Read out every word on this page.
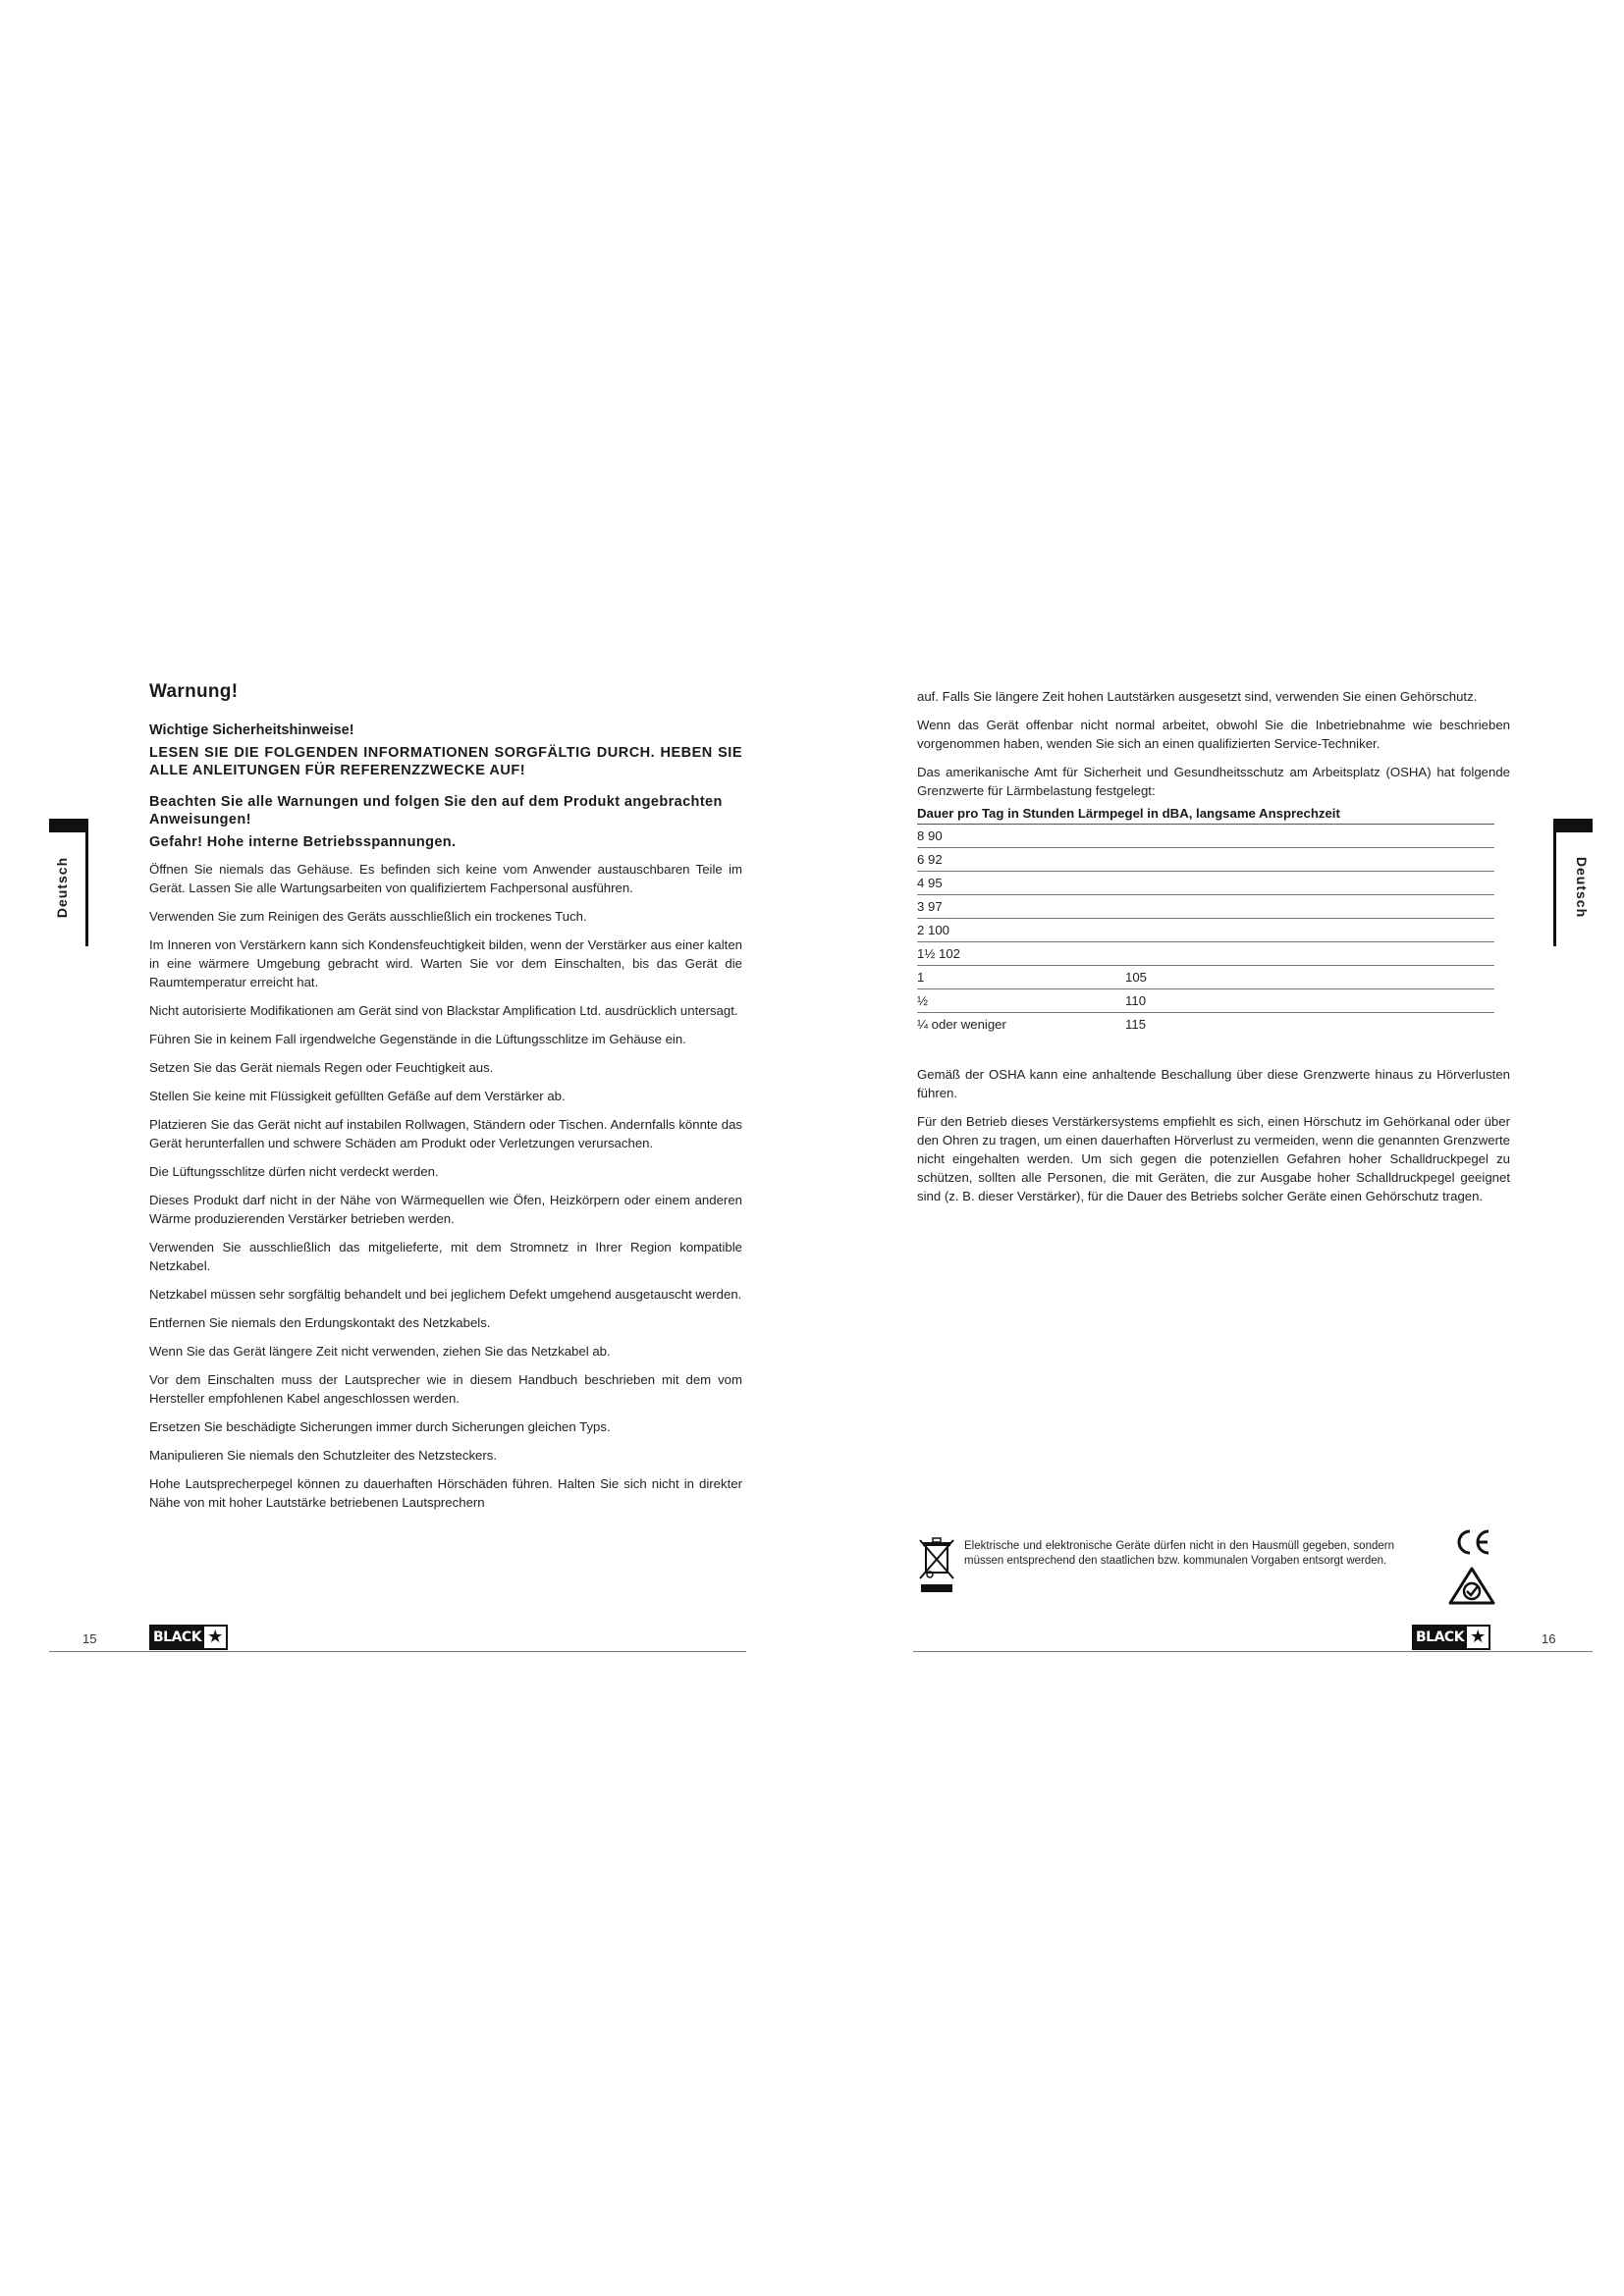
Deutsch	Deutsch
Warnung!
Wichtige Sicherheitshinweise!
LESEN SIE DIE FOLGENDEN INFORMATIONEN SORGFÄLTIG DURCH. HEBEN SIE ALLE ANLEITUNGEN FÜR REFERENZZWECKE AUF!
Beachten Sie alle Warnungen und folgen Sie den auf dem Produkt angebrachten Anweisungen!
Gefahr! Hohe interne Betriebsspannungen.

Öffnen Sie niemals das Gehäuse. Es befinden sich keine vom Anwender austauschbaren Teile im Gerät. Lassen Sie alle Wartungsarbeiten von qualifiziertem Fachpersonal ausführen.

Verwenden Sie zum Reinigen des Geräts ausschließlich ein trockenes Tuch.

Im Inneren von Verstärkern kann sich Kondensfeuchtigkeit bilden, wenn der Verstärker aus einer kalten in eine wärmere Umgebung gebracht wird. Warten Sie vor dem Einschalten, bis das Gerät die Raumtemperatur erreicht hat.

Nicht autorisierte Modifikationen am Gerät sind von Blackstar Amplification Ltd. ausdrücklich untersagt.

Führen Sie in keinem Fall irgendwelche Gegenstände in die Lüftungsschlitze im Gehäuse ein.

Setzen Sie das Gerät niemals Regen oder Feuchtigkeit aus.

Stellen Sie keine mit Flüssigkeit gefüllten Gefäße auf dem Verstärker ab.

Platzieren Sie das Gerät nicht auf instabilen Rollwagen, Ständern oder Tischen. Andernfalls könnte das Gerät herunterfallen und schwere Schäden am Produkt oder Verletzungen verursachen.

Die Lüftungsschlitze dürfen nicht verdeckt werden.

Dieses Produkt darf nicht in der Nähe von Wärmequellen wie Öfen, Heizkörpern oder einem anderen Wärme produzierenden Verstärker betrieben werden.

Verwenden Sie ausschließlich das mitgelieferte, mit dem Stromnetz in Ihrer Region kompatible Netzkabel.

Netzkabel müssen sehr sorgfältig behandelt und bei jeglichem Defekt umgehend ausgetauscht werden.

Entfernen Sie niemals den Erdungskontakt des Netzkabels.

Wenn Sie das Gerät längere Zeit nicht verwenden, ziehen Sie das Netzkabel ab.

Vor dem Einschalten muss der Lautsprecher wie in diesem Handbuch beschrieben mit dem vom Hersteller empfohlenen Kabel angeschlossen werden.

Ersetzen Sie beschädigte Sicherungen immer durch Sicherungen gleichen Typs.

Manipulieren Sie niemals den Schutzleiter des Netzsteckers.

Hohe Lautsprecherpegel können zu dauerhaften Hörschäden führen. Halten Sie sich nicht in direkter Nähe von mit hoher Lautstärke betriebenen Lautsprechern

auf. Falls Sie längere Zeit hohen Lautstärken ausgesetzt sind, verwenden Sie einen Gehörschutz.

Wenn das Gerät offenbar nicht normal arbeitet, obwohl Sie die Inbetriebnahme wie beschrieben vorgenommen haben, wenden Sie sich an einen qualifizierten Service-Techniker.

Das amerikanische Amt für Sicherheit und Gesundheitsschutz am Arbeitsplatz (OSHA) hat folgende Grenzwerte für Lärmbelastung festgelegt:

Dauer pro Tag in Stunden Lärmpegel in dBA, langsame Ansprechzeit
8 90
6 92
4 95
3 97
2 100
1½ 102
1	105
½	110
¼ oder weniger	115

Gemäß der OSHA kann eine anhaltende Beschallung über diese Grenzwerte hinaus zu Hörverlusten führen.

Für den Betrieb dieses Verstärkersystems empfiehlt es sich, einen Hörschutz im Gehörkanal oder über den Ohren zu tragen, um einen dauerhaften Hörverlust zu vermeiden, wenn die genannten Grenzwerte nicht eingehalten werden. Um sich gegen die potenziellen Gefahren hoher Schalldruckpegel zu schützen, sollten alle Personen, die mit Geräten, die zur Ausgabe hoher Schalldruckpegel geeignet sind (z. B. dieser Verstärker), für die Dauer des Betriebs solcher Geräte einen Gehörschutz tragen.

Elektrische und elektronische Geräte dürfen nicht in den Hausmüll gegeben, sondern müssen entsprechend den staatlichen bzw. kommunalen Vorgaben entsorgt werden.
15	BLACK ★	BLACK ★	16
